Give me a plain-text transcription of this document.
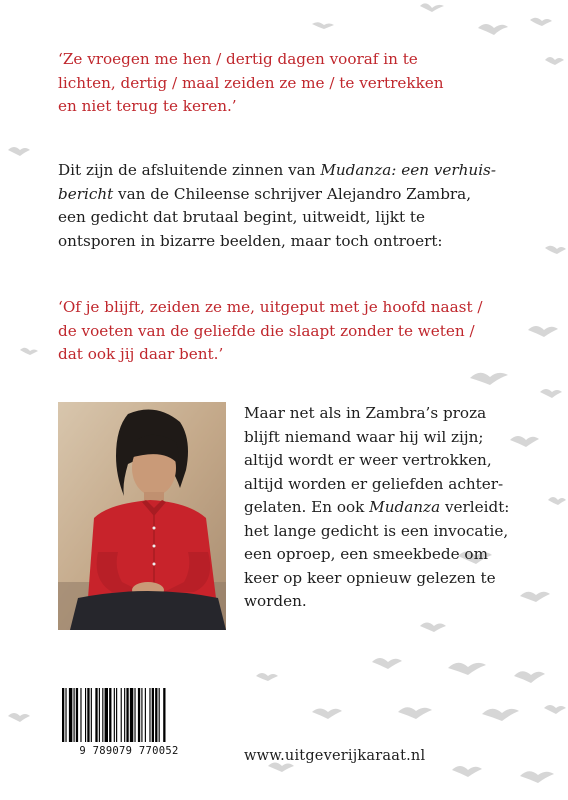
‘Ze vroegen me hen / dertig dagen vooraf in te
lichten, dertig / maal zeiden ze me / te vertrekken
en niet terug te keren.’

Dit zijn de afsluitende zinnen van Mudanza: een verhuis-
bericht van de Chileense schrijver Alejandro Zambra,
een gedicht dat brutaal begint, uitweidt, lijkt te
ontsporen in bizarre beelden, maar toch ontroert:

‘Of je blijft, zeiden ze me, uitgeput met je hoofd naast /
de voeten van de geliefde die slaapt zonder te weten /
dat ook jij daar bent.’

Maar net als in Zambra’s proza
blijft niemand waar hij wil zijn;
altijd wordt er weer vertrokken,
altijd worden er geliefden achter-
gelaten. En ook Mudanza verleidt:
het lange gedicht is een invocatie,
een oproep, een smeekbede om
keer op keer opnieuw gelezen te
worden.

9 789079 770052	www.uitgeverijkaraat.nl
